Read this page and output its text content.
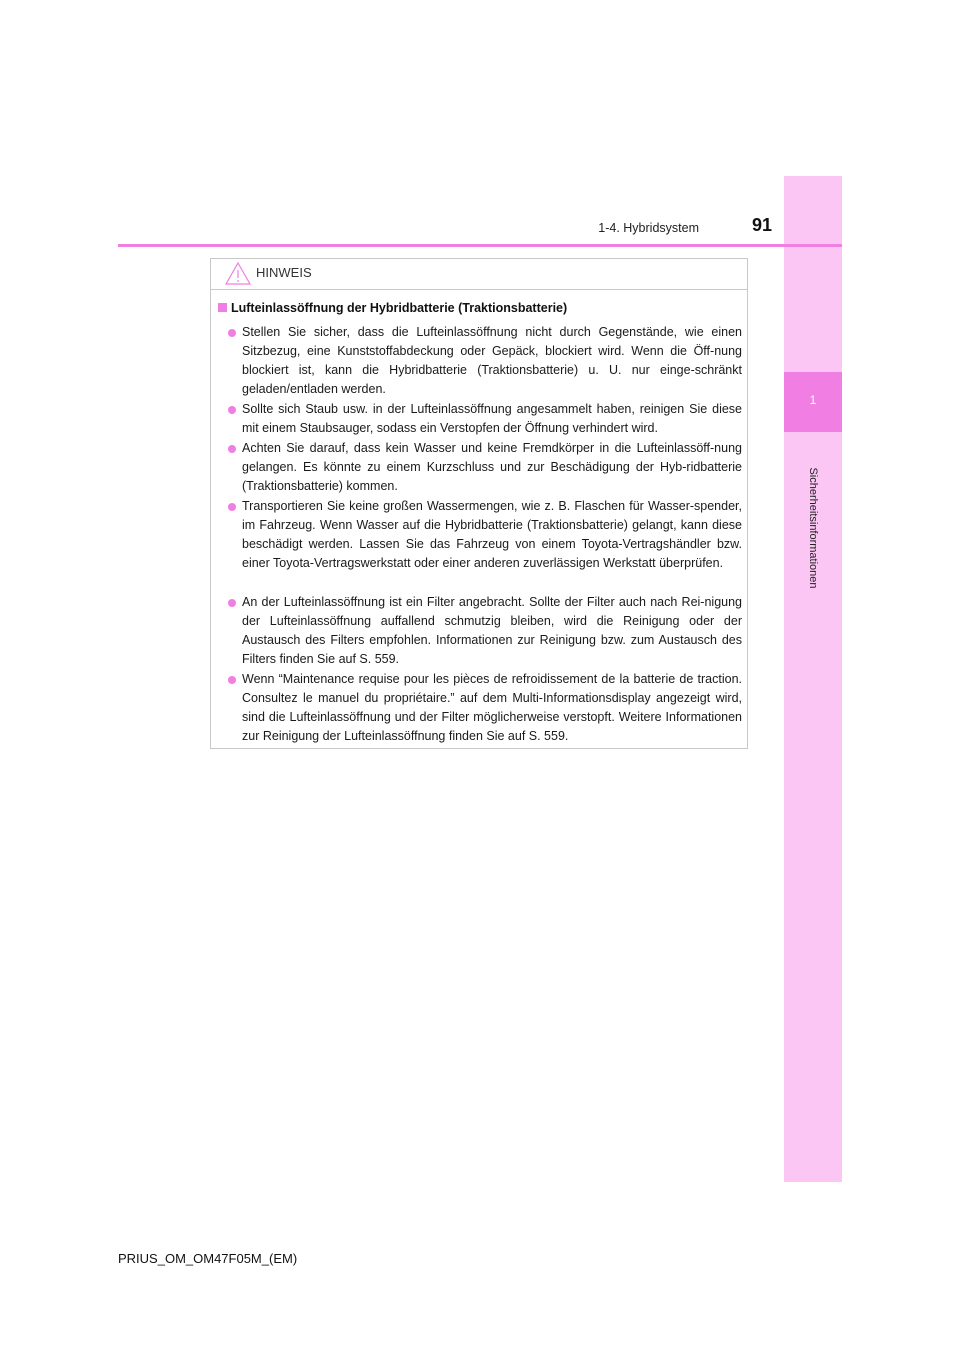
1
Sicherheitsinformationen
1-4. Hybridsystem	91
HINWEIS
Lufteinlassöffnung der Hybridbatterie (Traktionsbatterie)
Stellen Sie sicher, dass die Lufteinlassöffnung nicht durch Gegenstände, wie einen Sitzbezug, eine Kunststoffabdeckung oder Gepäck, blockiert wird. Wenn die Öff-nung blockiert ist, kann die Hybridbatterie (Traktionsbatterie) u. U. nur einge-schränkt geladen/entladen werden.
Sollte sich Staub usw. in der Lufteinlassöffnung angesammelt haben, reinigen Sie diese mit einem Staubsauger, sodass ein Verstopfen der Öffnung verhindert wird.
Achten Sie darauf, dass kein Wasser und keine Fremdkörper in die Lufteinlassöff-nung gelangen. Es könnte zu einem Kurzschluss und zur Beschädigung der Hyb-ridbatterie (Traktionsbatterie) kommen.
Transportieren Sie keine großen Wassermengen, wie z. B. Flaschen für Wasser-spender, im Fahrzeug. Wenn Wasser auf die Hybridbatterie (Traktionsbatterie) gelangt, kann diese beschädigt werden. Lassen Sie das Fahrzeug von einem Toyota-Vertragshändler bzw. einer Toyota-Vertragswerkstatt oder einer anderen zuverlässigen Werkstatt überprüfen.
An der Lufteinlassöffnung ist ein Filter angebracht. Sollte der Filter auch nach Rei-nigung der Lufteinlassöffnung auffallend schmutzig bleiben, wird die Reinigung oder der Austausch des Filters empfohlen. Informationen zur Reinigung bzw. zum Austausch des Filters finden Sie auf S. 559.
Wenn “Maintenance requise pour les pièces de refroidissement de la batterie de traction. Consultez le manuel du propriétaire.” auf dem Multi-Informationsdisplay angezeigt wird, sind die Lufteinlassöffnung und der Filter möglicherweise verstopft. Weitere Informationen zur Reinigung der Lufteinlassöffnung finden Sie auf S. 559.
PRIUS_OM_OM47F05M_(EM)
